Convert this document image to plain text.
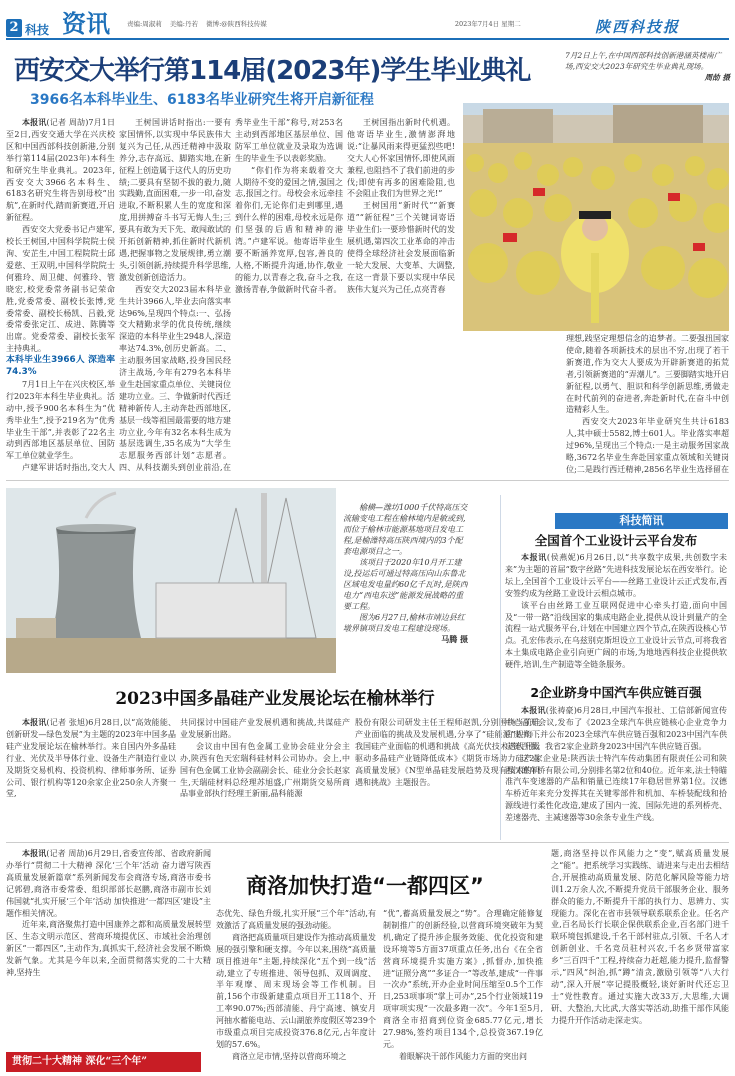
2 科技 资讯	责编:周淑莉 美编:丹若 微博:@陕西科技传媒	2023年7月4日 星期二	陕西科技报
西安交大举行第114届(2023年)学生毕业典礼
3966名本科毕业生、6183名毕业研究生将开启新征程
7月2日上午,在中国西部科技创新港涵英楼南广场,西安交大2023年研究生毕业典礼现场。
周劼 摄

本报讯(记者 周劼)7月1日至2日,西安交通大学在兴庆校区和中国西部科技创新港,分别举行第114届(2023年)本科生和研究生毕业典礼。2023年,西安交大3966名本科生、6183名研究生将告别母校“出航”,在新时代,踏而新赛道,开启新征程。

西安交大党委书记卢建军,校长王树国,中国科学院院士侯洵、安芷生,中国工程院院士邱爱慈、王双明,中国科学院院士何雅玲、周卫健、何雅玲、管晓宏,校党委常务副书记荣命胜,党委常委、副校长张博,党委常委、副校长杨凯、吕毅,党委常委张定江、成进、陈腾等出席。党委常委、副校长张军主持典礼。

本科毕业生3966人 深造率74.3%

7月1日上午在兴庆校区,举行2023年本科生毕业典礼。活动中,授予900名本科生为“优秀毕业生”,授予219名为“优秀毕业生干部”,并表彰了22名主动到西部地区基层单位、国防军工单位就业学生。

卢建军讲话时指出,交大人

王树国讲话时指出:一要有家国情怀,以实现中华民族伟大复兴为己任,从西迁精神中汲取养分,志存高远、脚踏实地,在新征程上创造属于这代人的历史功绩;二要具有坚韧不拔的毅力,随实践勤,直面困难,一步一印,奋发进取,不断积累人生的宽度和深度,用拼搏奋斗书写无悔人生;三要具有敢为天下先、敢闯敢试的开拓创新精神,抓住新时代新机遇,把握事物之发展规律,勇立潮头,引领创新,持续提升科学思维,激发创新创造活力。

西安交大2023届本科毕业生共计3966人,毕业去向落实率达96%,呈现四个特点:一、弘扬交大精勤求学的优良传统,继续深造的本科毕业生2948人,深造率达74.3%,创历史新高。二、主动服务国家战略,投身国民经济主战场,今年有279名本科毕业生赴国家重点单位、关键岗位建功立业。三、争做新时代西迁精神新传人,主动奔赴西部地区,基层一线等祖国最需要的地方建功立业,今年有32名本科生成为基层选调生,35名成为“大学生志愿服务西部计划”志愿者。四、从科技潮头到创业前沿,在

秀毕业生干部”称号,对253名主动到西部地区基层单位、国防军工单位就业及录取为选调生的毕业生予以表彰奖励。

“你们作为将来载着交大人期待不变的爱国之情,强国之志,报国之行。母校会永远牵挂着你们,无论你们走到哪里,遇到什么样的困难,母校永远是你们坚强的后盾和精神的港湾。”卢建军说。他寄语毕业生要不断涵养宽厚,包容,善良的人格,不断提升沟通,协作,敬业的能力,以青春之我,奋斗之我,激扬青春,争做新时代奋斗者。

王树国指出新时代机遇。他寄语毕业生,激情澎湃地说:“让暴风雨来得更猛烈些吧!交大人心怀家国情怀,即使风雨兼程,也阻挡不了我们前进的步伐;即使有再多的困难险阻,也不会阻止我们为世界之光!”

王树国用“新时代”“新赛道”“新征程”三个关键词寄语毕业生们:一要珍惜新时代的发展机遇,第四次工业革命的冲击使得全球经济社会发展面临新一轮大发展、大变革、大调整,在这一背景下要以实现中华民族伟大复兴为己任,点亮青春

理想,践坚定理想信念的追梦者。二要强扭国家使命,随着各项新技术的层出不穷,出现了若干新赛道,作为交大人要成为开辟新赛道的拓荒者,引领新赛道的“弄潮儿”。三要脚踏实地开启新征程,以勇气、胆识和科学创新思维,勇做走在时代前列的奋进者,奔赴新时代,在奋斗中创造精彩人生。

西安交大2023年毕业研究生共计6183人,其中硕士5582,博士601人。毕业落实率超过96%,呈现出三个特点:一是主动服务国家战略,3672名毕业生奔赴国家重点领域和关键岗位;二是践行西迁精神,2856名毕业生选择留在

榆横—潍坊1000千伏特高压交流输变电工程在榆林境内是敏或到,而位于榆林市能源基地项目发电工程,是榆潍特高压陕西境内的3个配套电源项目之一。

该项目于2020年10月开工建设,投运后可通过特高压向山东鲁北区域电发电量约60亿千瓦时,是陕西电力“西电东送”能源发展战略的重要工程。

图为6月27日,榆林市靖边县红墩界镇项目发电工程建设现场。

马腾 摄

2023中国多晶硅产业发展论坛在榆林举行

本报讯(记者 张旭)6月28日,以“高效能能、创新研发—绿色发展”为主题的2023年中国多晶硅产业发展论坛在榆林举行。来自国内外多晶硅行业、光伏及半导体行业、设备生产制造行业以及期货交易机构、投资机构、律师事务所、证券公司、银行机构等120余家企业250余人齐聚一堂,

共同探讨中国硅产业发展机遇和挑战,共谋硅产业发展新出路。

会议由中国有色金属工业协会硅业分会主办,陕西有色天宏瑞科硅材料公司协办。会上,中国有色金属工业协会副副会长、硅业分会长赵家生,天瑞硅材料总经理苏旭盛,广州期货交易所商品事业部执行经理王新丽,晶科能源

股份有限公司研发主任王程师赵凯,分别围绕当前硅产业面临的挑战及发展机遇,分享了“硅能源”视角下我国硅产业面临的机遇和挑战《高光伏技术迭代升级驱动多晶硅产业链降低成本》《期货市场助力硅产业高质量发展》《N型单晶硅发展趋势及现有技术的机遇和挑战》主题报告。

科技简讯
全国首个工业设计云平台发布

本报讯(侯燕妮)6月26日,以“共享数字成果,共创数字未来”为主题的首届“数字丝路”先进科技发展论坛在西安举行。论坛上,全国首个工业设计云平台——丝路工业设计云正式发布,西安签约成为丝路工业设计云相点城市。

该平台由丝路工业互联网促进中心牵头打造,面向中国及“一带一路”沿线国家的集成电路企业,提供从设计到量产的全流程一站式服务平台,计划在中国建立四个节点,在陕西设核心节点。孔宏伟表示,在乌兹别克斯坦设立工业设计云节点,可将我省本土集成电路企业引向更广阔的市场,为地地西科技企业提供软硬件,培训,生产制造等全链条服务。

2企业跻身中国汽车供应链百强

本报讯(张祷豪)6月28日,中国汽车报社、工信部新闻宣传中心召开会议,发布了《2023全球汽车供应链核心企业竞争力白皮书》,并公布2023全球汽车供应链百强和2023中国汽车供应链百强。我省2家企业跻身2023中国汽车供应链百强。

这2家企业是:陕西法士特汽车传动集团有限责任公司和陕西汉德车桥有限公司,分别排名第2位和40位。近年来,法士特瞄准汽车变速器的产品和销量已连续17年稳居世界第1位。汉德车桥近年来充分发挥其在关键零部件和机加、车桥装配线和拾源线进行柔性化改造,建成了国内一流、国际先进的系列桥壳、差速器壳、主减速器等30余条专业生产线。

商洛加快打造“一都四区”

本报讯(记者 周劼)6月29日,省委宣传部、省政府新闻办举行“贯彻二十大精神 深化‘三个年’活动 奋力谱写陕西高质量发展新篇章”系列新闻发布会商洛专场,商洛市委书记郭碧,商洛市委常委、组织部部长赵鹏,商洛市副市长刘伟国就“扎实开展‘三个年’活动 加快推进‘一都四区’建设”主题作相关情况。

近年来,商洛聚焦打造中国康养之都和高质量发展转型区、生态文明示范区、营商环境提优区、市域社会治理创新区“一都四区”,主动作为,真抓实干,经济社会发展不断焕发新气象。尤其是今年以来,全面贯彻落实党的二十大精神,坚持生

态优先、绿色升级,扎实开展“三个年”活动,有效激活了高质量发展的强劲动能。

商洛把高质量项目建设作为推动高质量发展的强引擎和硬支撑。今年以来,围绕“高质量项目推进年”主题,持续深化“五个到一线”活动,建立了专班推进、领导包抓、双周调度、半年观摩、周末现场会等工作机制。目前,156个市级新建重点项目开工118个、开工率90.07%;西部清能、丹宁高速、镇安月河抽水蓄能电站、云山湖旅养度假区等239个市级重点项目完成投资376.8亿元,占年度计划的57.6%。

商洛立足市情,坚持以营商环境之

“优”,蓄高质量发展之“势”。合理确定能修复制制推广的创新经验,以营商环境突破年为契机,确定了提升涉企服务效能、优化投资和建设环境等5方面37项重点任务,出台《在全省营商环境提升实施方案》,抓督办,加快推进“证照分离”“多证合一”等改革,建成“一件事一次办”系统,开办企业时间压缩至0.5个工作日,253项事项“掌上可办”,25个行业领域119项审项实现“一次最多跑一次”。今年1至5月,商洛全市招商到位资金685.77亿元,增长27.98%,签约项目134个,总投资367.19亿元。

着眼解决干部作风能力方面的突出问

题,商洛坚持以作风能力之“变”,赋高质量发展之“能”。把系统学习实践练、请进来与走出去相结合,开展推动高质量发展、防范化解风险等能力培训1.2万余人次,不断提升党员干部服务企业、服务群众的能力,不断提升干部的执行力、思辨力、实现能力。深化在省市县领导联系联系企业。任名产业,百名局长行长联企保供联系企业,百名部门进千联环境包抓建设,千名干部村驻点,引领、千名人才创新创业、千名竞员驻村兴农,千名乡贤带富家乡“三百四千”工程,持续奋力赶超,能力提升,监督警示,“四风”纠治,抓“蹲”清贪,激励引领等“八大行动”,深入开展“宰记提股概轻,谈好新时代还忘卫士”党性教育。通过实施大改33万,大思维,大调研、大整治,大比武,大落实等活动,助推干部作风能力提升开作活动走深走实。

贯彻二十大精神 深化“三个年”
